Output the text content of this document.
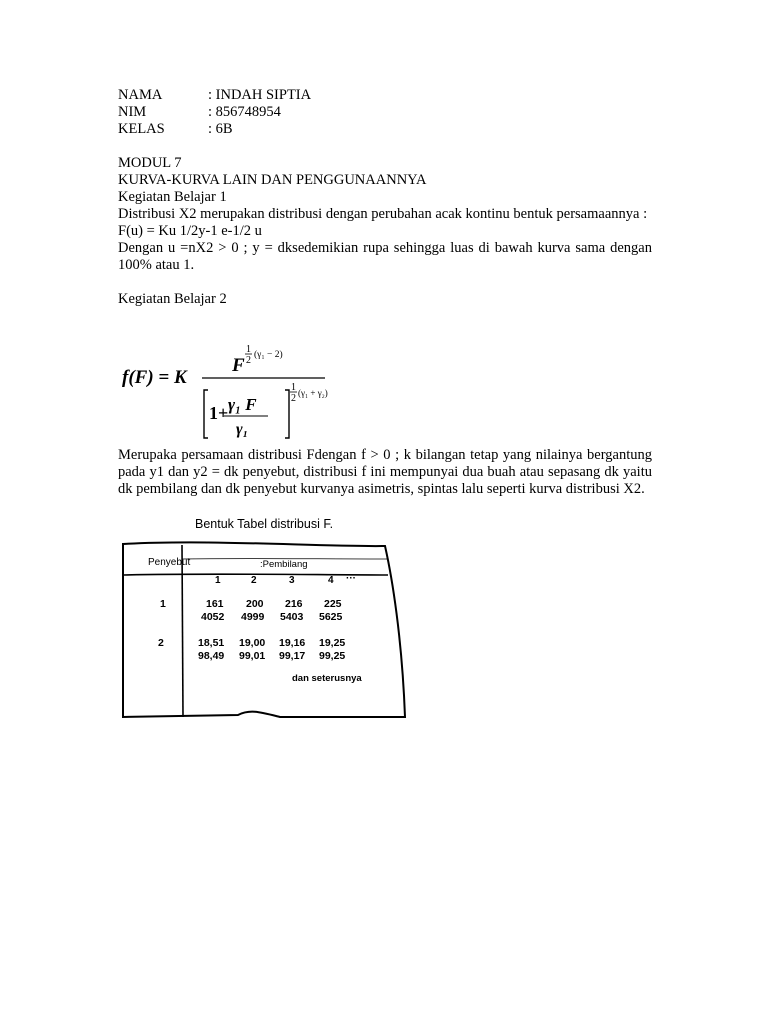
NAMA	: INDAH SIPTIA
NIM	: 856748954
KELAS	: 6B
MODUL 7
KURVA-KURVA LAIN DAN PENGGUNAANNYA
Kegiatan Belajar 1
Distribusi X2 merupakan distribusi dengan perubahan acak kontinu bentuk persamaannya :
F(u) = Ku 1/2y-1 e-1/2 u
Dengan u =nX2 > 0 ; y = dksedemikian rupa sehingga luas di bawah kurva sama dengan 100% atau 1.
Kegiatan Belajar 2
f(F) = K
F
1
2 (γ₁ − 2)
1+ γ₁ F
γ₁
1
2 (γ₁ + γ₂)
Merupaka persamaan distribusi Fdengan f > 0 ; k bilangan tetap yang nilainya bergantung pada y1 dan y2 = dk penyebut, distribusi f ini mempunyai dua buah atau sepasang dk yaitu dk pembilang dan dk penyebut kurvanya asimetris, spintas lalu seperti kurva distribusi X2.
Bentuk Tabel distribusi F.
Penyebut	:Pembilang
1	2	3	4 ···
1	161 200 216 225
4052 4999 5403 5625
2	18,51 19,00 19,16 19,25
98,49 99,01 99,17 99,25
dan seterusnya
